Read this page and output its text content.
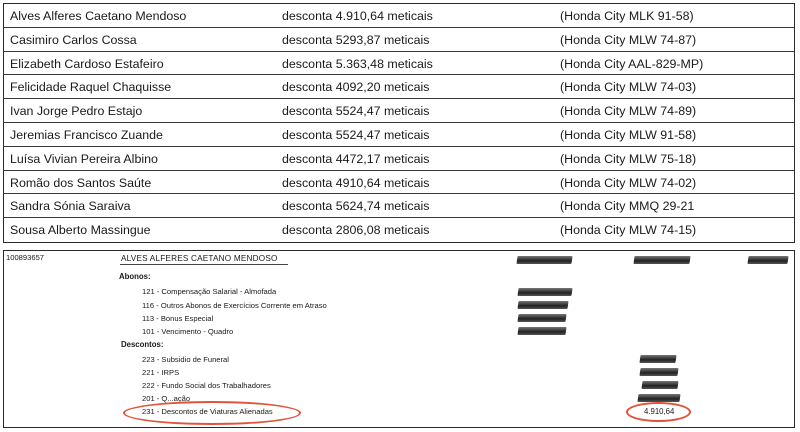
Alves Alferes Caetano Mendoso	desconta 4.910,64 meticais	(Honda City MLK 91-58)
Casimiro Carlos Cossa	desconta 5293,87 meticais	(Honda City MLW 74-87)
Elizabeth Cardoso Estafeiro	desconta 5.363,48 meticais	(Honda City AAL-829-MP)
Felicidade Raquel Chaquisse	desconta 4092,20 meticais	(Honda City MLW 74-03)
Ivan Jorge Pedro Estajo	desconta 5524,47 meticais	(Honda City MLW 74-89)
Jeremias Francisco Zuande	desconta 5524,47 meticais	(Honda City MLW 91-58)
Luísa Vivian Pereira Albino	desconta 4472,17 meticais	(Honda City MLW 75-18)
Romão dos Santos Saúte	desconta 4910,64 meticais	(Honda City MLW 74-02)
Sandra Sónia Saraiva	desconta 5624,74 meticais	(Honda City MMQ 29-21
Sousa Alberto Massingue	desconta 2806,08 meticais	(Honda City MLW 74-15)
100893657	ALVES ALFERES CAETANO MENDOSO
Abonos:
121 - Compensação Salarial - Almofada
116 - Outros Abonos de Exercícios Corrente em Atraso
113 - Bonus Especial
101 - Vencimento - Quadro
Descontos:
223 - Subsidio de Funeral
221 - IRPS
222 - Fundo Social dos Trabalhadores
201 - Q...ação
231 - Descontos de Viaturas Alienadas	4.910,64
